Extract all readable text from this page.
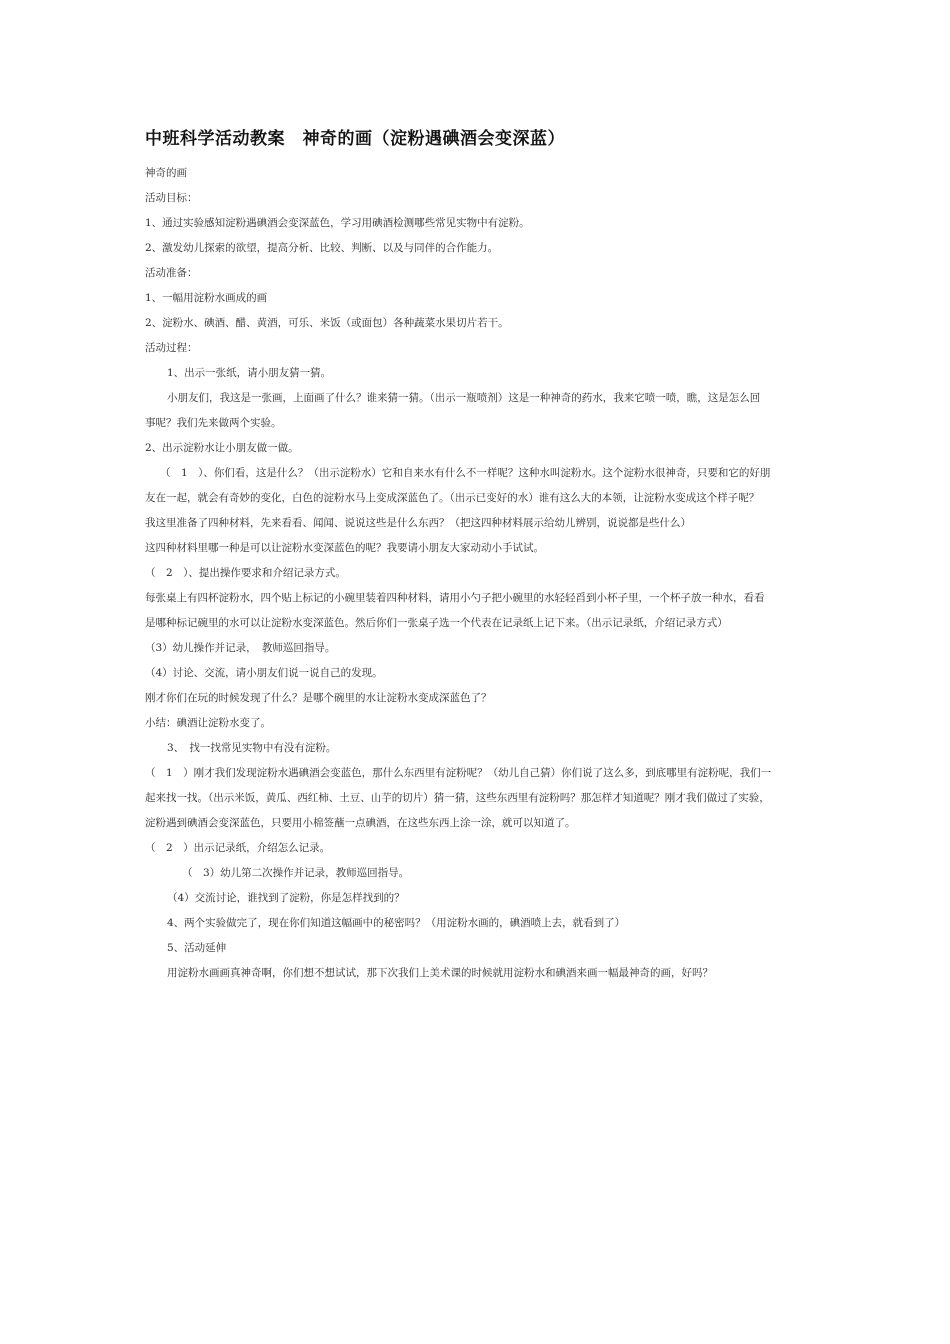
中班科学活动教案　神奇的画（淀粉遇碘酒会变深蓝）
神奇的画
活动目标：
1、通过实验感知淀粉遇碘酒会变深蓝色，学习用碘酒检测哪些常见实物中有淀粉。
2、激发幼儿探索的欲望，提高分析、比较、判断、以及与同伴的合作能力。
活动准备：
1、一幅用淀粉水画成的画
2、淀粉水、碘酒、醋、黄酒，可乐、米饭（或面包）各种蔬菜水果切片若干。
活动过程：
1、出示一张纸，请小朋友猜一猜。
小朋友们，我这是一张画，上面画了什么？谁来猜一猜。（出示一瓶喷剂）这是一种神奇的药水，我来它喷一喷，瞧，这是怎么回
事呢？我们先来做两个实验。
2、出示淀粉水让小朋友做一做。
（　1　）、你们看，这是什么？（出示淀粉水）它和自来水有什么不一样呢？这种水叫淀粉水。这个淀粉水很神奇，只要和它的好朋
友在一起，就会有奇妙的变化，白色的淀粉水马上变成深蓝色了。（出示已变好的水）谁有这么大的本领，让淀粉水变成这个样子呢？
我这里准备了四种材料，先来看看、闻闻、说说这些是什么东西？（把这四种材料展示给幼儿辨别，说说都是些什么）
这四种材料里哪一种是可以让淀粉水变深蓝色的呢？我要请小朋友大家动动小手试试。
（　2　）、提出操作要求和介绍记录方式。
每张桌上有四杯淀粉水，四个贴上标记的小碗里装着四种材料，请用小勺子把小碗里的水轻轻舀到小杯子里，一个杯子放一种水，看看
是哪种标记碗里的水可以让淀粉水变深蓝色。然后你们一张桌子选一个代表在记录纸上记下来。（出示记录纸，介绍记录方式）
（3）幼儿操作并记录，　教师巡回指导。
（4）讨论、交流，请小朋友们说一说自己的发现。
刚才你们在玩的时候发现了什么？是哪个碗里的水让淀粉水变成深蓝色了？
小结：碘酒让淀粉水变了。
3、　找一找常见实物中有没有淀粉。
（　1　）刚才我们发现淀粉水遇碘酒会变蓝色，那什么东西里有淀粉呢？（幼儿自己猜）你们说了这么多，到底哪里有淀粉呢，我们一
起来找一找。（出示米饭，黄瓜、西红柿、土豆、山芋的切片）猜一猜，这些东西里有淀粉吗？那怎样才知道呢？刚才我们做过了实验，
淀粉遇到碘酒会变深蓝色，只要用小棉签蘸一点碘酒，在这些东西上涂一涂，就可以知道了。
（　2　）出示记录纸，介绍怎么记录。
（　3）幼儿第二次操作并记录，教师巡回指导。
（4）交流讨论，谁找到了淀粉，你是怎样找到的？
4、两个实验做完了，现在你们知道这幅画中的秘密吗？（用淀粉水画的，碘酒喷上去，就看到了）
5、活动延伸
用淀粉水画画真神奇啊，你们想不想试试，那下次我们上美术课的时候就用淀粉水和碘酒来画一幅最神奇的画，好吗？
